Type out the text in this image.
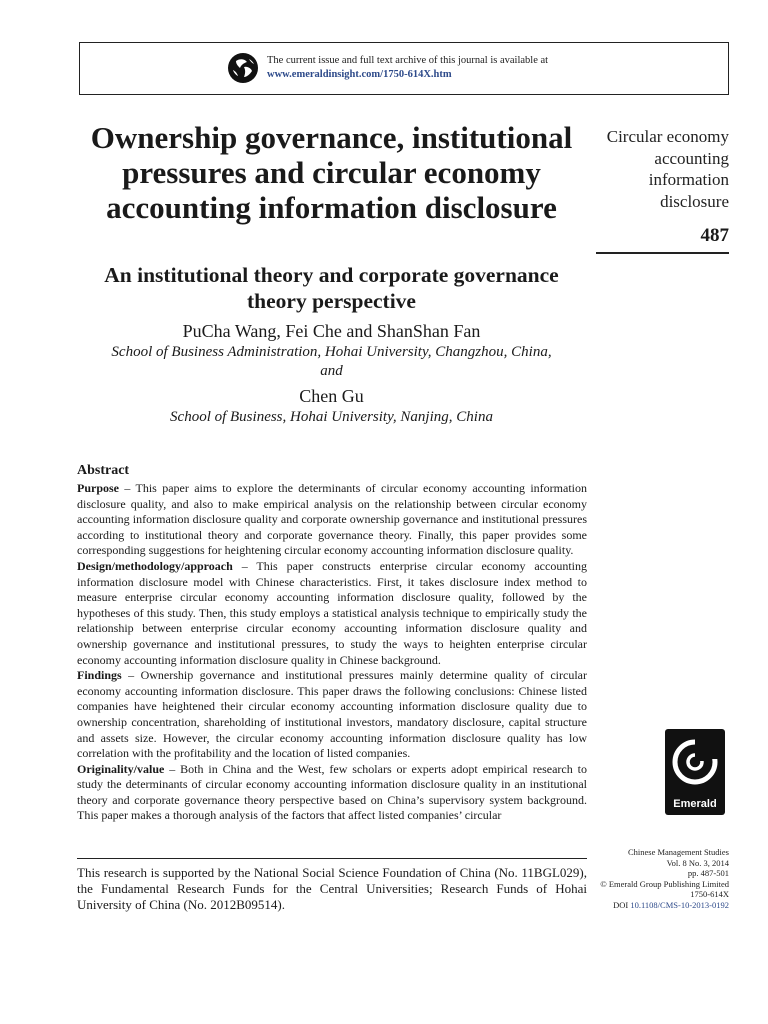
The current issue and full text archive of this journal is available at
www.emeraldinsight.com/1750-614X.htm
Ownership governance, institutional pressures and circular economy accounting information disclosure
An institutional theory and corporate governance theory perspective
PuCha Wang, Fei Che and ShanShan Fan
School of Business Administration, Hohai University, Changzhou, China,
and
Chen Gu
School of Business, Hohai University, Nanjing, China
Circular economy accounting information disclosure
487
Abstract

Purpose – This paper aims to explore the determinants of circular economy accounting information disclosure quality, and also to make empirical analysis on the relationship between circular economy accounting information disclosure quality and corporate ownership governance and institutional pressures according to institutional theory and corporate governance theory. Finally, this paper provides some corresponding suggestions for heightening circular economy accounting information disclosure quality.

Design/methodology/approach – This paper constructs enterprise circular economy accounting information disclosure model with Chinese characteristics. First, it takes disclosure index method to measure enterprise circular economy accounting information disclosure quality, followed by the hypotheses of this study. Then, this study employs a statistical analysis technique to empirically study the relationship between enterprise circular economy accounting information disclosure quality and ownership governance and institutional pressures, to study the ways to heighten enterprise circular economy accounting information disclosure quality in Chinese background.

Findings – Ownership governance and institutional pressures mainly determine quality of circular economy accounting information disclosure. This paper draws the following conclusions: Chinese listed companies have heightened their circular economy accounting information disclosure quality due to ownership concentration, shareholding of institutional investors, mandatory disclosure, capital structure and assets size. However, the circular economy accounting information disclosure quality has low correlation with the profitability and the location of listed companies.

Originality/value – Both in China and the West, few scholars or experts adopt empirical research to study the determinants of circular economy accounting information disclosure quality in an institutional theory and corporate governance theory perspective based on China’s supervisory system background. This paper makes a thorough analysis of the factors that affect listed companies’ circular

Emerald
This research is supported by the National Social Science Foundation of China (No. 11BGL029), the Fundamental Research Funds for the Central Universities; Research Funds of Hohai University of China (No. 2012B09514).
Chinese Management Studies
Vol. 8 No. 3, 2014
pp. 487-501
© Emerald Group Publishing Limited
1750-614X
DOI 10.1108/CMS-10-2013-0192
